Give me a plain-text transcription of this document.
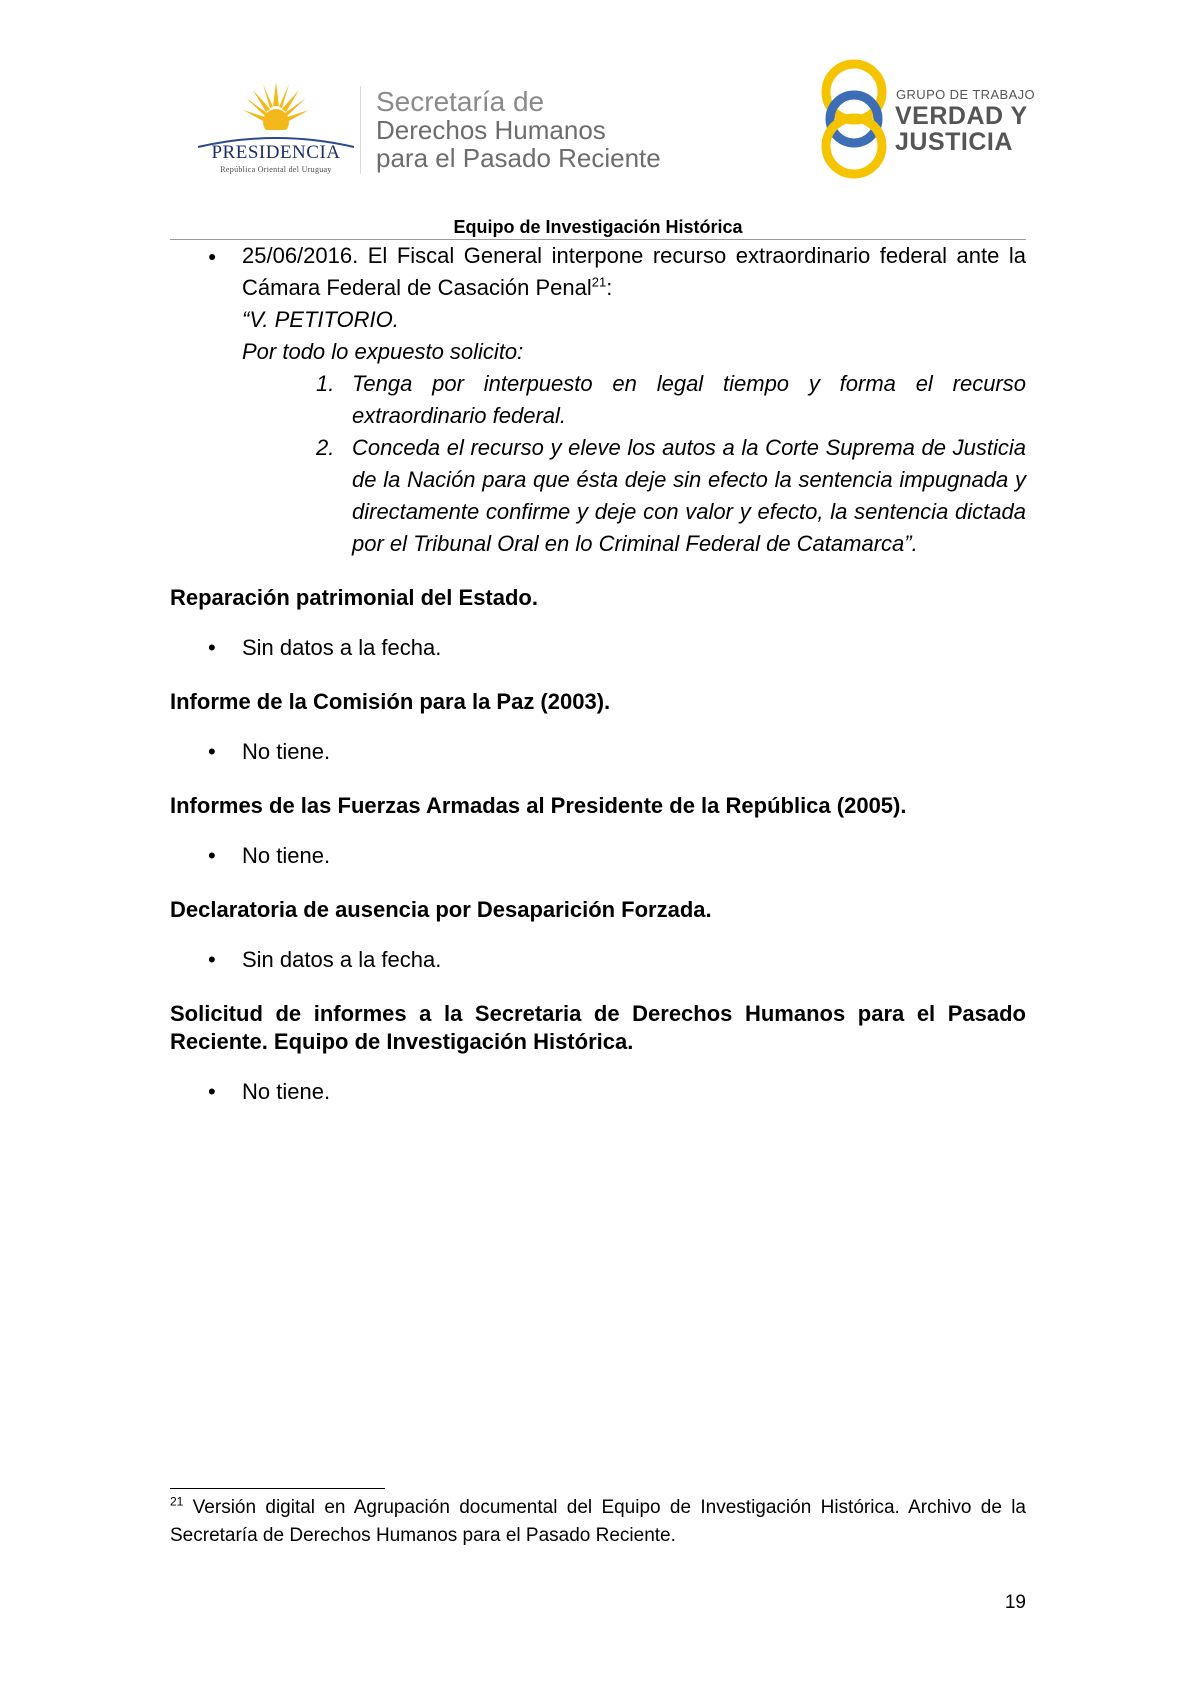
PRESIDENCIA
República Oriental del Uruguay
Secretaría de
Derechos Humanos
para el Pasado Reciente
GRUPO DE TRABAJO
VERDAD Y
JUSTICIA
Equipo de Investigación Histórica
● 25/06/2016. El Fiscal General interpone recurso extraordinario federal ante la Cámara Federal de Casación Penal$^{21}$:
“V. PETITORIO.
Por todo lo expuesto solicito:
1. Tenga por interpuesto en legal tiempo y forma el recurso extraordinario federal.
2. Conceda el recurso y eleve los autos a la Corte Suprema de Justicia de la Nación para que ésta deje sin efecto la sentencia impugnada y directamente confirme y deje con valor y efecto, la sentencia dictada por el Tribunal Oral en lo Criminal Federal de Catamarca”.
Reparación patrimonial del Estado.
• Sin datos a la fecha.
Informe de la Comisión para la Paz (2003).
• No tiene.
Informes de las Fuerzas Armadas al Presidente de la República (2005).
• No tiene.
Declaratoria de ausencia por Desaparición Forzada.
• Sin datos a la fecha.
Solicitud de informes a la Secretaria de Derechos Humanos para el Pasado Reciente. Equipo de Investigación Histórica.
• No tiene.
$^{21}$ Versión digital en Agrupación documental del Equipo de Investigación Histórica. Archivo de la Secretaría de Derechos Humanos para el Pasado Reciente.
19
